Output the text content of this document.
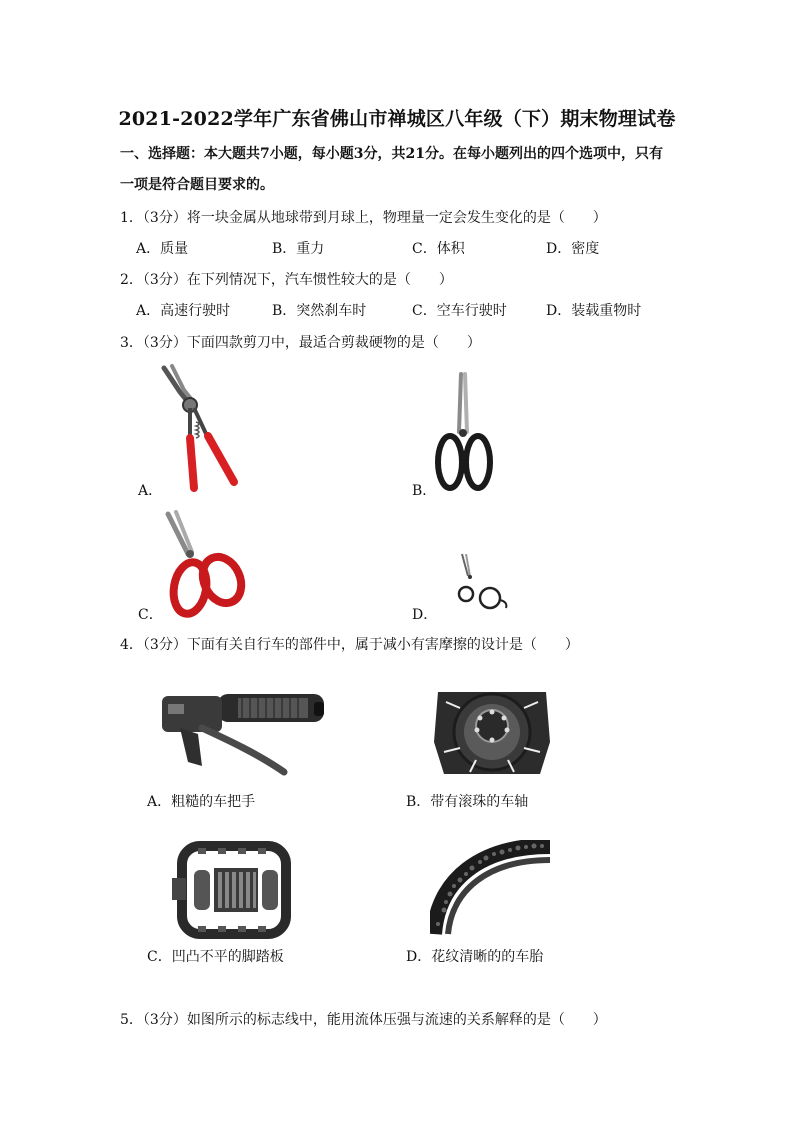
2021-2022学年广东省佛山市禅城区八年级（下）期末物理试卷
一、选择题：本大题共7小题，每小题3分，共21分。在每小题列出的四个选项中，只有
一项是符合题目要求的。
1．（3分）将一块金属从地球带到月球上，物理量一定会发生变化的是（　　）
A．质量	B．重力	C．体积	D．密度
2．（3分）在下列情况下，汽车惯性较大的是（　　）
A．高速行驶时	B．突然刹车时	C．空车行驶时	D．装载重物时
3．（3分）下面四款剪刀中，最适合剪裁硬物的是（　　）
A．	B．
C．	D．
4．（3分）下面有关自行车的部件中，属于减小有害摩擦的设计是（　　）
A．粗糙的车把手	B．带有滚珠的车轴
C．凹凸不平的脚踏板	D．花纹清晰的的车胎
5．（3分）如图所示的标志线中，能用流体压强与流速的关系解释的是（　　）
